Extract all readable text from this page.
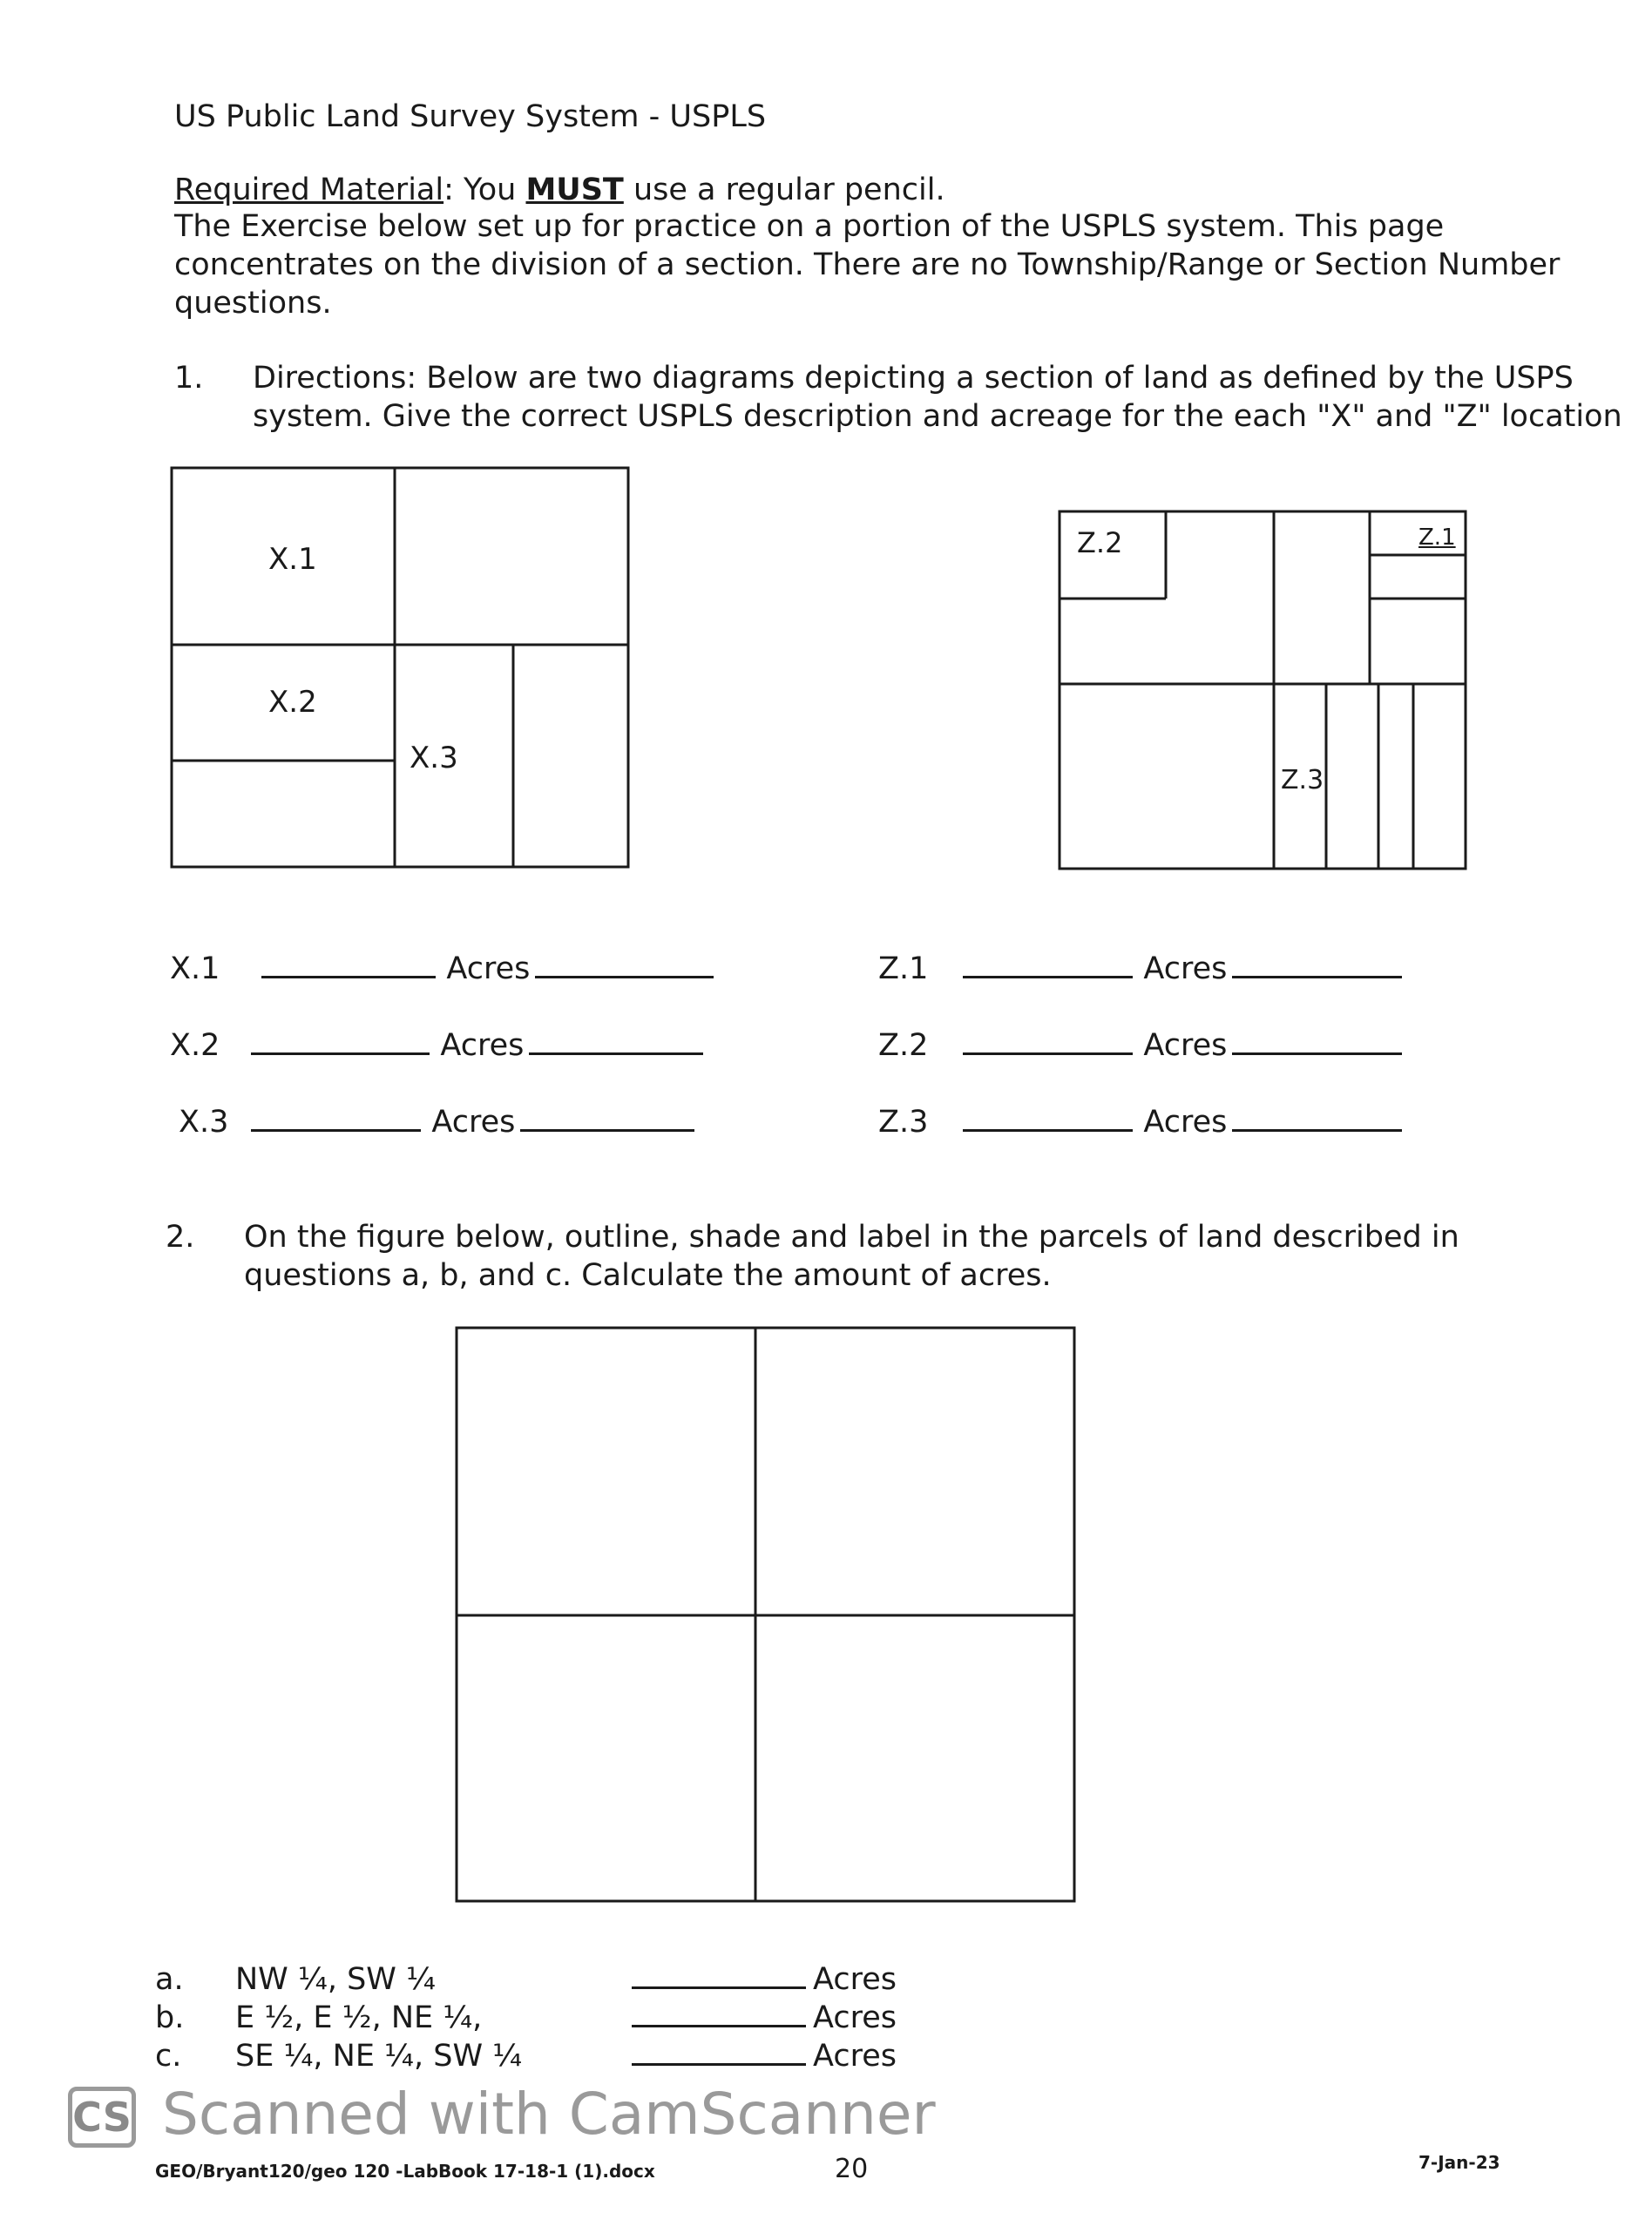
US Public Land Survey System - USPLS
Required Material: You MUST use a regular pencil.
The Exercise below set up for practice on a portion of the USPLS system. This page
concentrates on the division of a section. There are no Township/Range or Section Number
questions.
1. Directions: Below are two diagrams depicting a section of land as defined by the USPS
system. Give the correct USPLS description and acreage for the each "X" and "Z" location
X.1
X.2
X.3
Z.2	Z.1
Z.3
X.1	Acres
X.2	Acres
X.3	Acres
Z.1	Acres
Z.2	Acres
Z.3	Acres
2. On the figure below, outline, shade and label in the parcels of land described in
questions a, b, and c. Calculate the amount of acres.
a. NW ¼, SW ¼	Acres
b. E ½, E ½, NE ¼,	Acres
c. SE ¼, NE ¼, SW ¼	Acres
CS Scanned with CamScanner
GEO/Bryant120/geo 120 -LabBook 17-18-1 (1).docx	20	7-Jan-23
